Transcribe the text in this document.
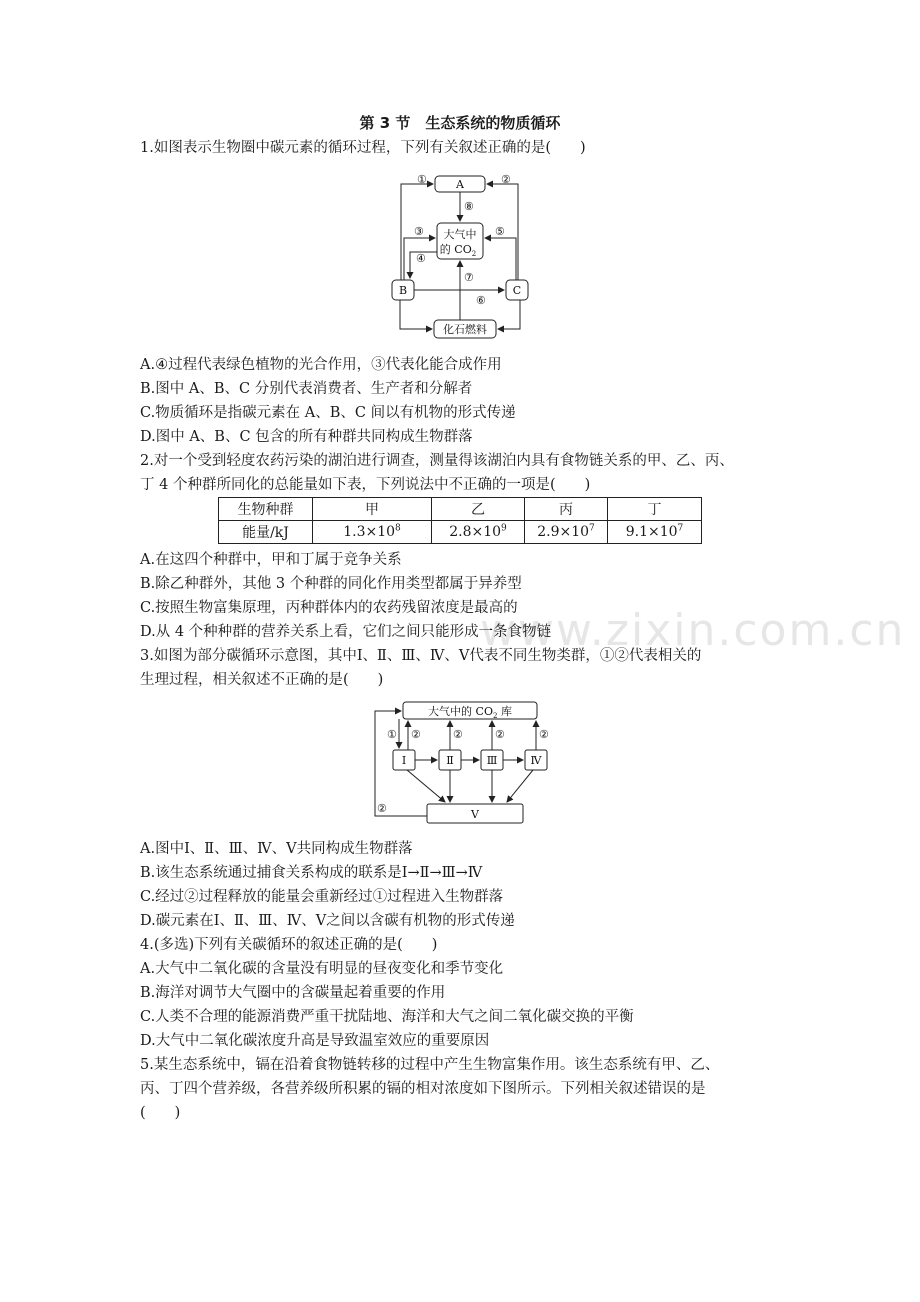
www.zixin.com.cn
第 3 节　生态系统的物质循环
1.如图表示生物圈中碳元素的循环过程，下列有关叙述正确的是(　　)
A
大气中
的 $CO_2$
B	C
化石燃料
①	②
③
④
⑤
⑥
⑦
⑧
A.④过程代表绿色植物的光合作用，③代表化能合成作用
B.图中 A、B、C 分别代表消费者、生产者和分解者
C.物质循环是指碳元素在 A、B、C 间以有机物的形式传递
D.图中 A、B、C 包含的所有种群共同构成生物群落
2.对一个受到轻度农药污染的湖泊进行调查，测量得该湖泊内具有食物链关系的甲、乙、丙、
丁 4 个种群所同化的总能量如下表，下列说法中不正确的一项是(　　)
生物种群	甲	乙	丙	丁
能量/kJ	$1.3\times 10^8$	$2.8\times 10^9$	$2.9\times 10^7$	$9.1\times 10^7$
A.在这四个种群中，甲和丁属于竞争关系
B.除乙种群外，其他 3 个种群的同化作用类型都属于异养型
C.按照生物富集原理，丙种群体内的农药残留浓度是最高的
D.从 4 个种种群的营养关系上看，它们之间只能形成一条食物链
3.如图为部分碳循环示意图，其中Ⅰ、Ⅱ、Ⅲ、Ⅳ、Ⅴ代表不同生物类群，①②代表相关的
生理过程，相关叙述不正确的是(　　)
大气中的 $CO_2$ 库
Ⅰ	Ⅱ	Ⅲ	Ⅳ
Ⅴ
① ②	②	②	②
②
A.图中Ⅰ、Ⅱ、Ⅲ、Ⅳ、Ⅴ共同构成生物群落
B.该生态系统通过捕食关系构成的联系是Ⅰ→Ⅱ→Ⅲ→Ⅳ
C.经过②过程释放的能量会重新经过①过程进入生物群落
D.碳元素在Ⅰ、Ⅱ、Ⅲ、Ⅳ、Ⅴ之间以含碳有机物的形式传递
4.(多选)下列有关碳循环的叙述正确的是(　　)
A.大气中二氧化碳的含量没有明显的昼夜变化和季节变化
B.海洋对调节大气圈中的含碳量起着重要的作用
C.人类不合理的能源消费严重干扰陆地、海洋和大气之间二氧化碳交换的平衡
D.大气中二氧化碳浓度升高是导致温室效应的重要原因
5.某生态系统中，镉在沿着食物链转移的过程中产生生物富集作用。该生态系统有甲、乙、
丙、丁四个营养级，各营养级所积累的镉的相对浓度如下图所示。下列相关叙述错误的是
(　　)
